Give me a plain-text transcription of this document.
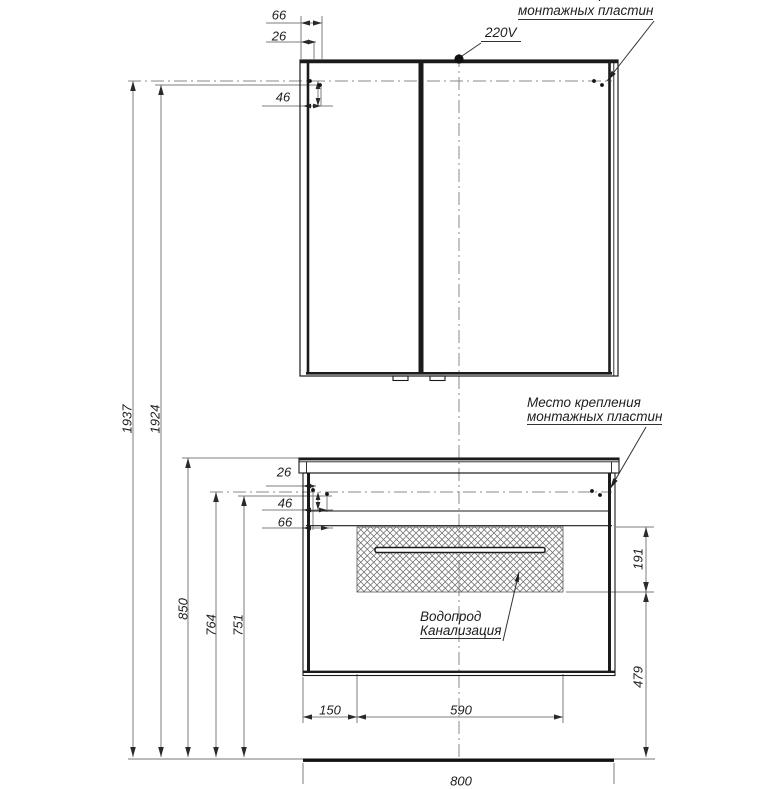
монтажных пластин
220V
Место крепления
монтажных пластин
Водопрод
Канализация
66
26
46
1937 1924
850
764 751
26
46
66
191
479
150	590
800
